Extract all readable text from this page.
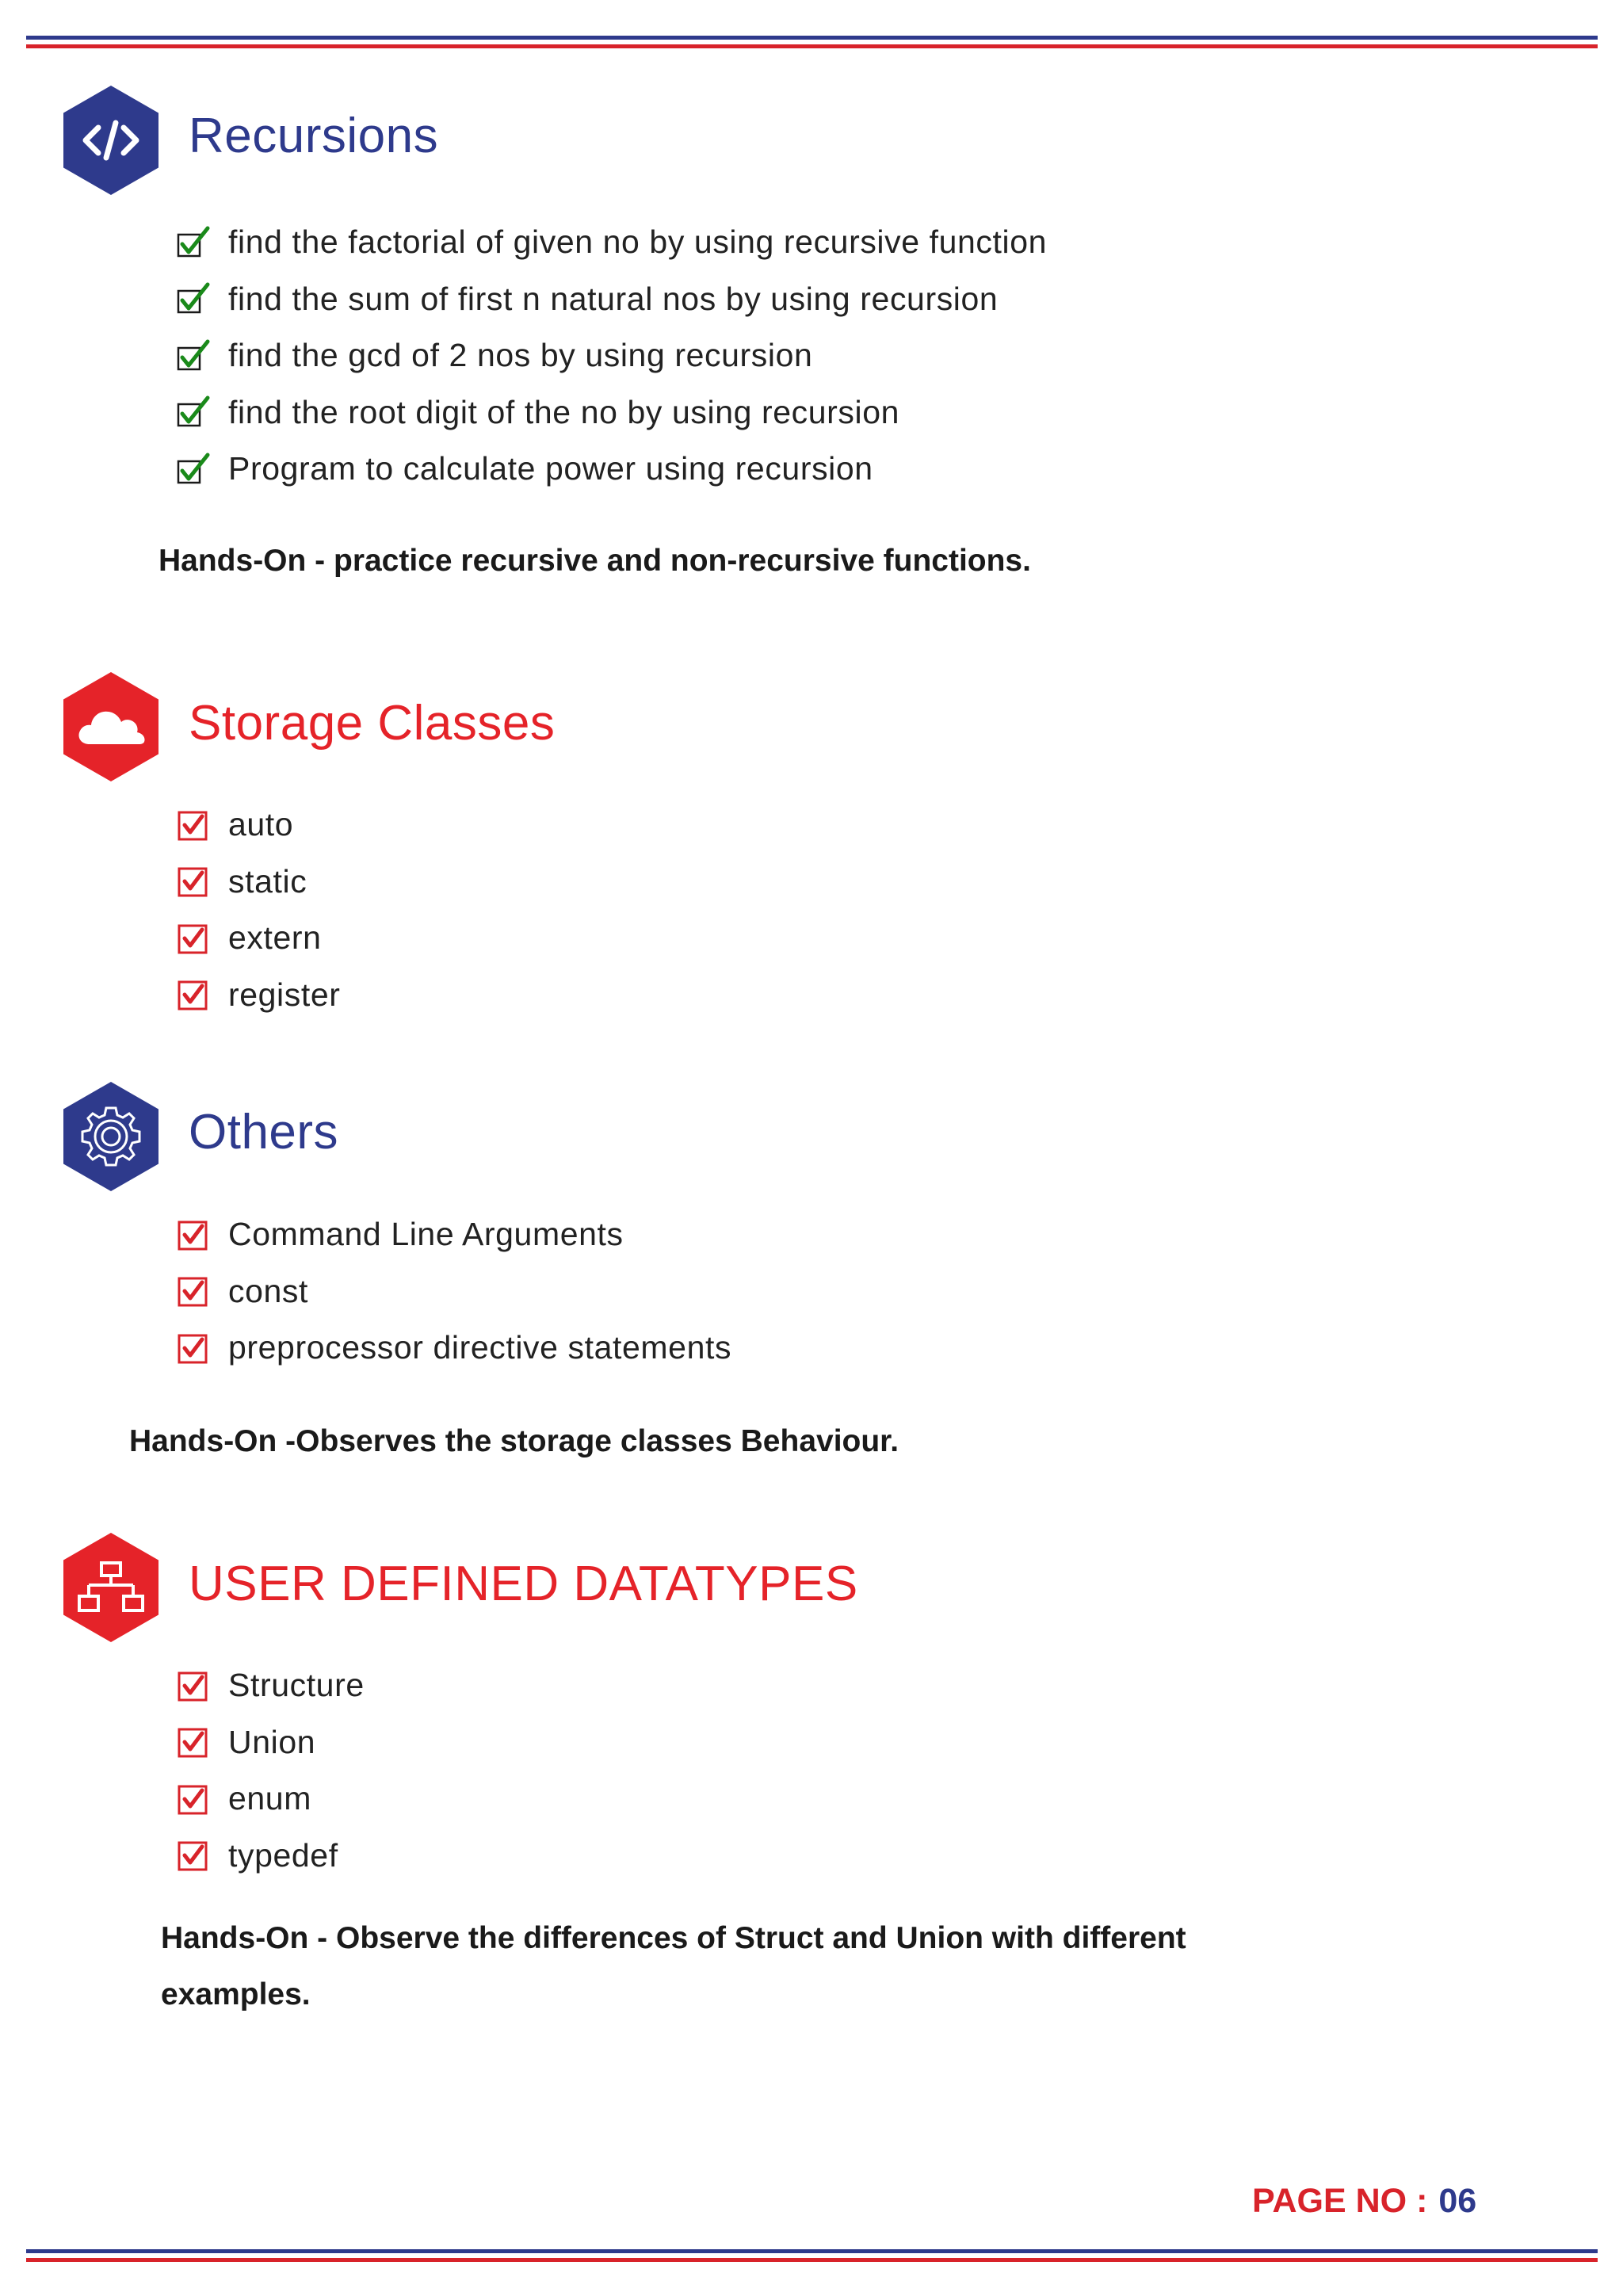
Recursions
find the factorial of given no by using recursive function
find the sum of first n natural nos by using recursion
find the gcd of 2 nos by using recursion
find the root digit of the no by using recursion
Program to calculate power using recursion
Hands-On - practice recursive and non-recursive functions.
Storage Classes
auto
static
extern
register
Others
Command Line Arguments
const
preprocessor directive statements
Hands-On -Observes the storage classes Behaviour.
USER DEFINED DATATYPES
Structure
Union
enum
typedef
Hands-On - Observe the differences of Struct and Union with different
examples.
PAGE NO : 06
